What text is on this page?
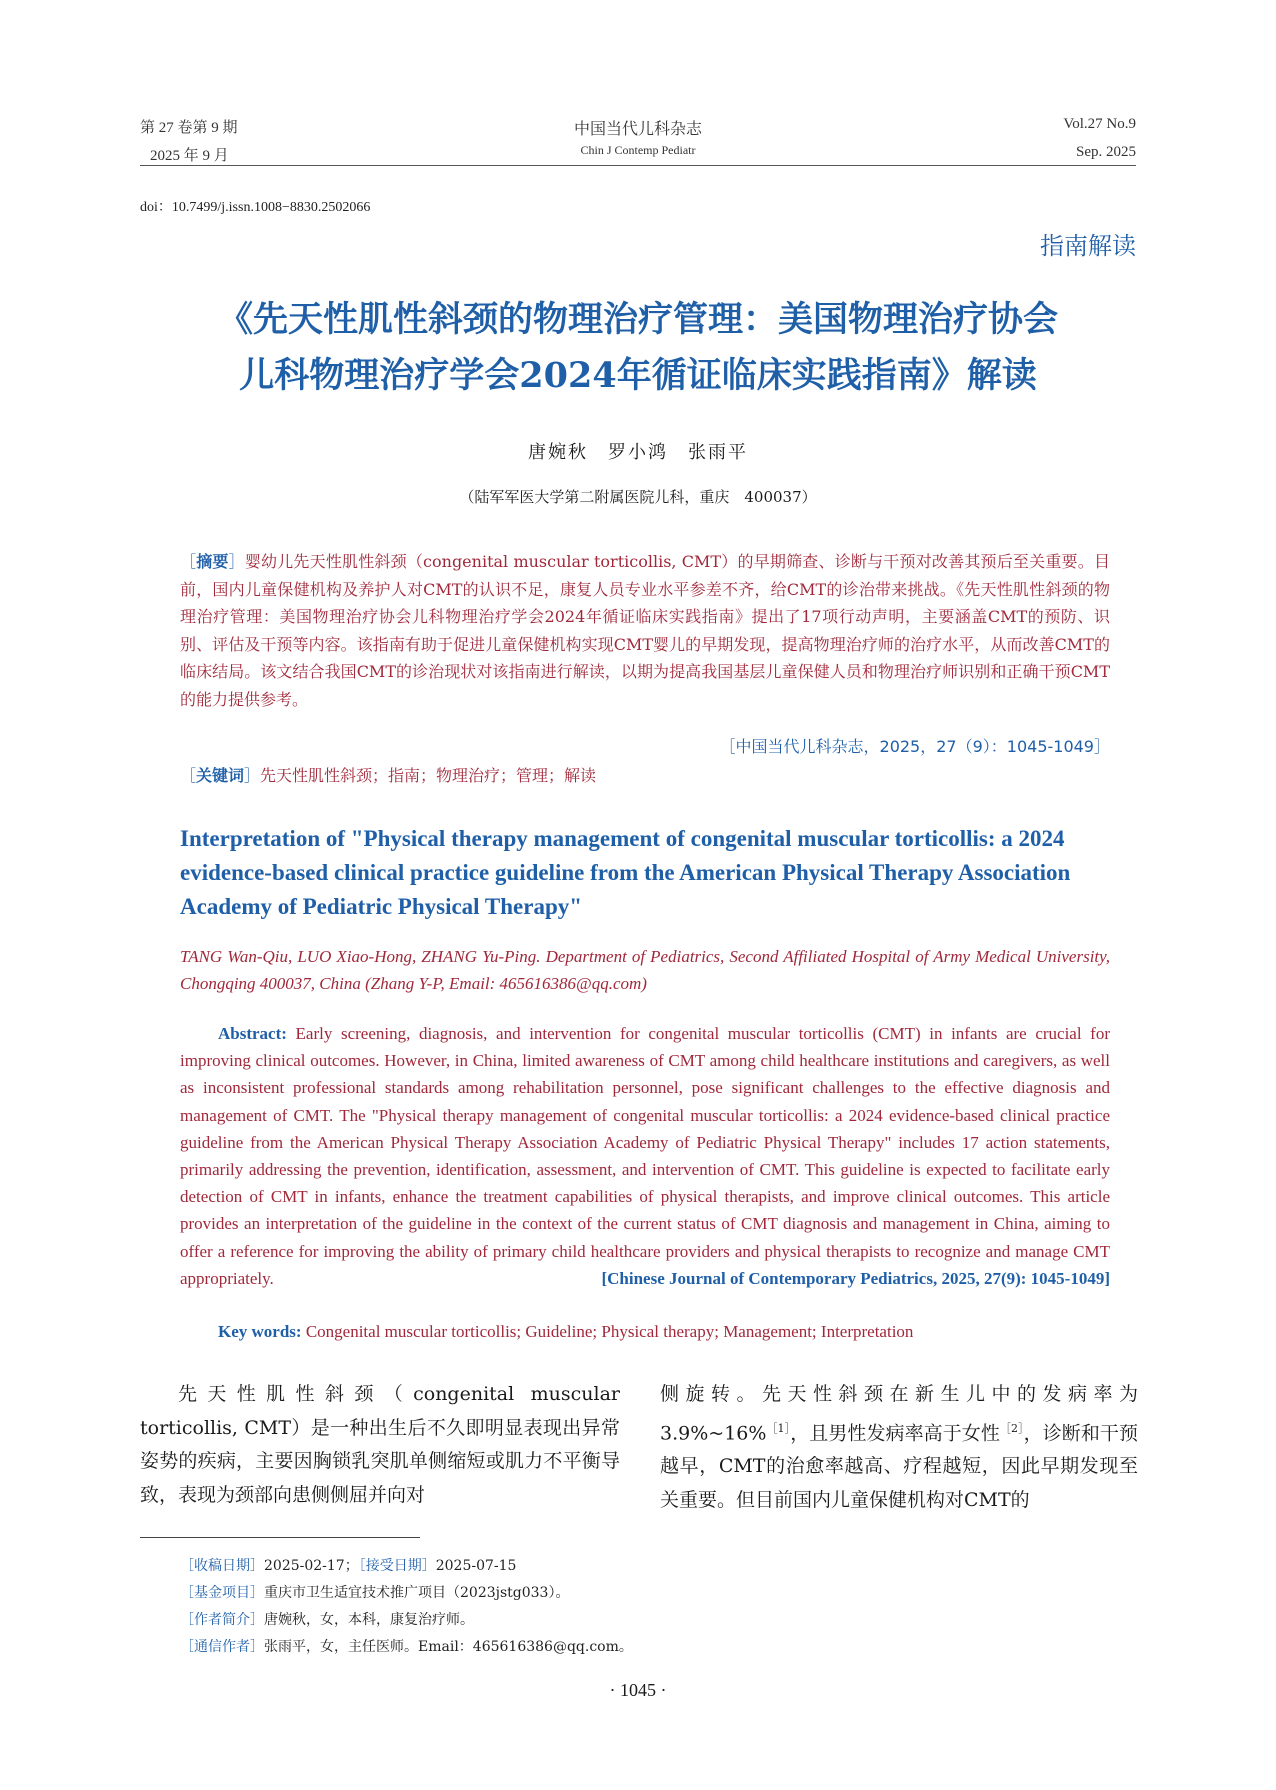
第 27 卷第 9 期
2025 年 9 月
中国当代儿科杂志
Chin J Contemp Pediatr
Vol.27 No.9
Sep. 2025
doi：10.7499/j.issn.1008−8830.2502066
指南解读
《先天性肌性斜颈的物理治疗管理：美国物理治疗协会
儿科物理治疗学会2024年循证临床实践指南》解读
唐婉秋　罗小鸿　张雨平
（陆军军医大学第二附属医院儿科，重庆　400037）
［摘要］婴幼儿先天性肌性斜颈（congenital muscular torticollis, CMT）的早期筛查、诊断与干预对改善其预后至关重要。目前，国内儿童保健机构及养护人对CMT的认识不足，康复人员专业水平参差不齐，给CMT的诊治带来挑战。《先天性肌性斜颈的物理治疗管理：美国物理治疗协会儿科物理治疗学会2024年循证临床实践指南》提出了17项行动声明，主要涵盖CMT的预防、识别、评估及干预等内容。该指南有助于促进儿童保健机构实现CMT婴儿的早期发现，提高物理治疗师的治疗水平，从而改善CMT的临床结局。该文结合我国CMT的诊治现状对该指南进行解读，以期为提高我国基层儿童保健人员和物理治疗师识别和正确干预CMT的能力提供参考。
［中国当代儿科杂志，2025，27（9）：1045-1049］
［关键词］先天性肌性斜颈；指南；物理治疗；管理；解读
Interpretation of "Physical therapy management of congenital muscular torticollis: a 2024 evidence-based clinical practice guideline from the American Physical Therapy Association Academy of Pediatric Physical Therapy"
TANG Wan-Qiu, LUO Xiao-Hong, ZHANG Yu-Ping. Department of Pediatrics, Second Affiliated Hospital of Army Medical University, Chongqing 400037, China (Zhang Y-P, Email: 465616386@qq.com)
Abstract: Early screening, diagnosis, and intervention for congenital muscular torticollis (CMT) in infants are crucial for improving clinical outcomes. However, in China, limited awareness of CMT among child healthcare institutions and caregivers, as well as inconsistent professional standards among rehabilitation personnel, pose significant challenges to the effective diagnosis and management of CMT. The "Physical therapy management of congenital muscular torticollis: a 2024 evidence-based clinical practice guideline from the American Physical Therapy Association Academy of Pediatric Physical Therapy" includes 17 action statements, primarily addressing the prevention, identification, assessment, and intervention of CMT. This guideline is expected to facilitate early detection of CMT in infants, enhance the treatment capabilities of physical therapists, and improve clinical outcomes. This article provides an interpretation of the guideline in the context of the current status of CMT diagnosis and management in China, aiming to offer a reference for improving the ability of primary child healthcare providers and physical therapists to recognize and manage CMT appropriately.	[Chinese Journal of Contemporary Pediatrics, 2025, 27(9): 1045-1049]
Key words: Congenital muscular torticollis; Guideline; Physical therapy; Management; Interpretation
先天性肌性斜颈（congenital muscular torticollis, CMT）是一种出生后不久即明显表现出异常姿势的疾病，主要因胸锁乳突肌单侧缩短或肌力不平衡导致，表现为颈部向患侧侧屈并向对
侧旋转。先天性斜颈在新生儿中的发病率为3.9%~16%$^{[1]}$，且男性发病率高于女性$^{[2]}$，诊断和干预越早，CMT的治愈率越高、疗程越短，因此早期发现至关重要。但目前国内儿童保健机构对CMT的
［收稿日期］2025-02-17；［接受日期］2025-07-15
［基金项目］重庆市卫生适宜技术推广项目（2023jstg033）。
［作者简介］唐婉秋，女，本科，康复治疗师。
［通信作者］张雨平，女，主任医师。Email：465616386@qq.com。
· 1045 ·
